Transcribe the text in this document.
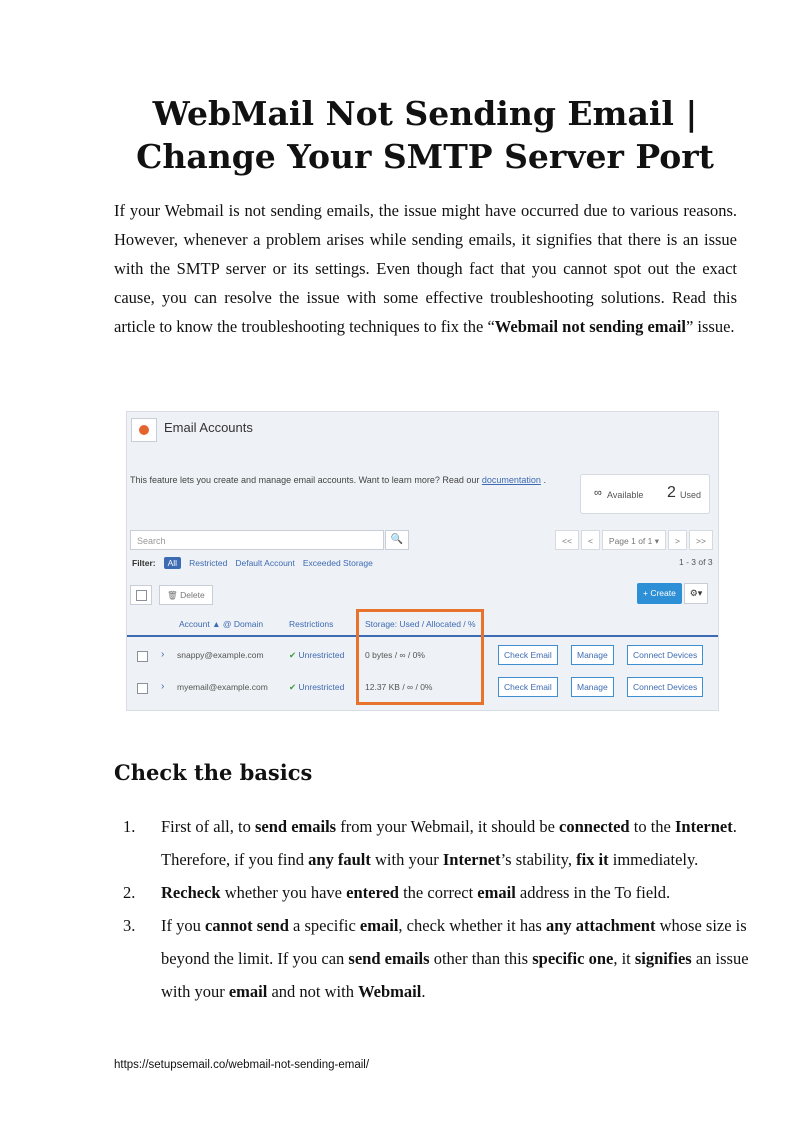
WebMail Not Sending Email | Change Your SMTP Server Port

If your Webmail is not sending emails, the issue might have occurred due to various reasons. However, whenever a problem arises while sending emails, it signifies that there is an issue with the SMTP server or its settings. Even though fact that you cannot spot out the exact cause, you can resolve the issue with some effective troubleshooting solutions. Read this article to know the troubleshooting techniques to fix the “Webmail not sending email” issue.

Email Accounts
This feature lets you create and manage email accounts. Want to learn more? Read our documentation .
∞ Available 2 Used
Search	🔍	<<	<	Page 1 of 1 ▾	>	>>
Filter:	All	Restricted Default Account Exceeded Storage	1 - 3 of 3
🗑 Delete	+ Create	⚙▾
Account ▲ @ Domain	Restrictions	Storage: Used / Allocated / %
› snappy@example.com	✔ Unrestricted 0 bytes / ∞ / 0%	Check Email	Manage	Connect Devices
› myemail@example.com ✔ Unrestricted 12.37 KB / ∞ / 0%	Check Email	Manage	Connect Devices
Check the basics
1. First of all, to send emails from your Webmail, it should be connected to the Internet. Therefore, if you find any fault with your Internet’s stability, fix it immediately.
2. Recheck whether you have entered the correct email address in the To field.
3. If you cannot send a specific email, check whether it has any attachment whose size is beyond the limit. If you can send emails other than this specific one, it signifies an issue with your email and not with Webmail.
https://setupsemail.co/webmail-not-sending-email/
